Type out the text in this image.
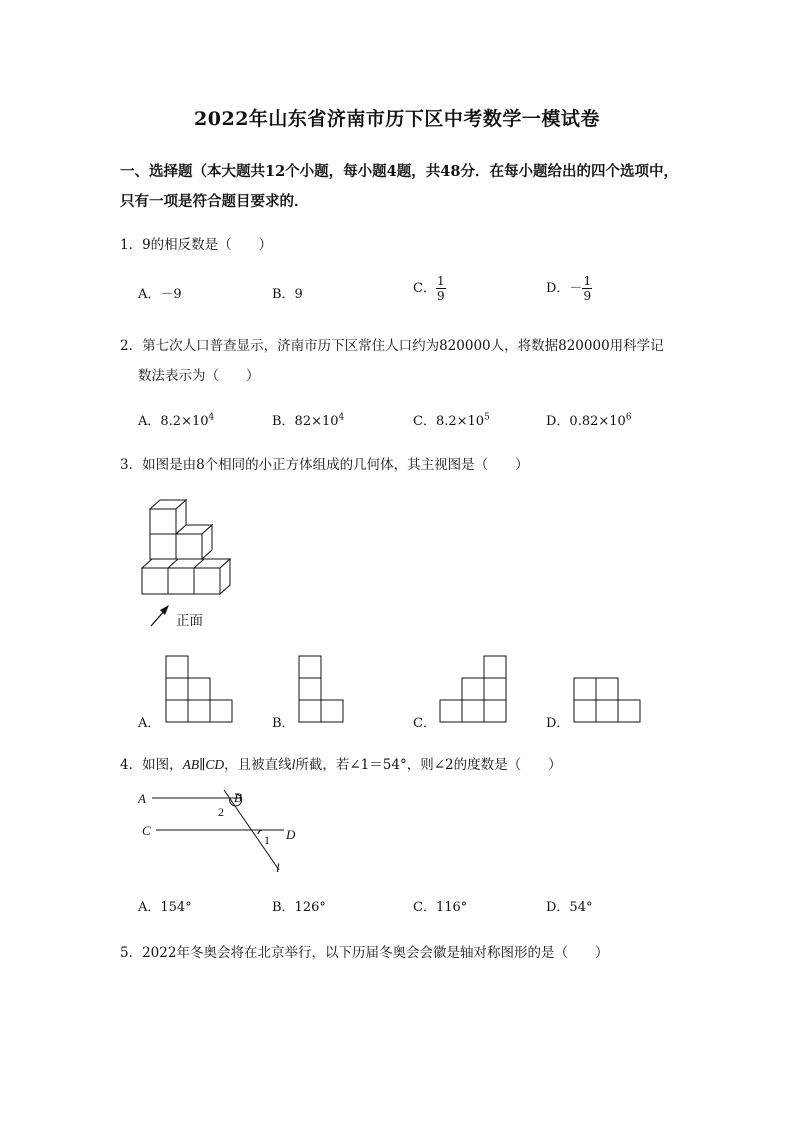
2022年山东省济南市历下区中考数学一模试卷
一、选择题（本大题共12个小题，每小题4题，共48分．在每小题给出的四个选项中，
只有一项是符合题目要求的．
1．9的相反数是（　　）
A．－9	B．9	C． $\frac{1}{9}$	D．－ $\frac{1}{9}$
2．第七次人口普查显示，济南市历下区常住人口约为820000人，将数据820000用科学记
数法表示为（　　）
A．$8.2\times 10^4$	B．$82\times 10^4$	C．$8.2\times 10^5$	D．$0.82\times 10^6$
3．如图是由8个相同的小正方体组成的几何体，其主视图是（　　）
正面
A．	B．	C．	D．
4．如图，AB∥CD，且被直线l所截，若∠1＝54°，则∠2的度数是（　　）
A	B
C	D
l
2
1
A．154°	B．126°	C．116°	D．54°
5．2022年冬奥会将在北京举行，以下历届冬奥会会徽是轴对称图形的是（　　）
